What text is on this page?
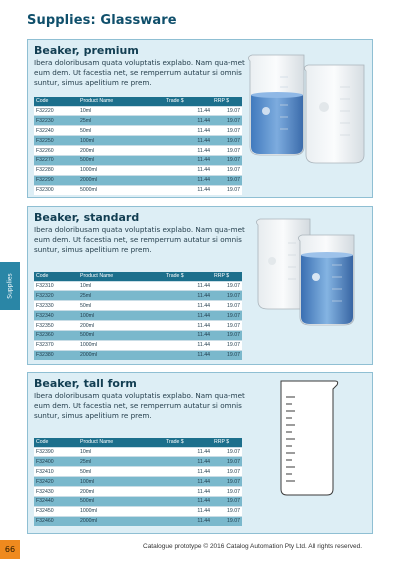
Supplies: Glassware
Supplies
Beaker, premium
Ibera doloribusam quata voluptatis explabo. Nam qua-met eum dem. Ut facestia net, se remperrum autatur si omnis suntur, simus apelitium re prem.
Code	Product Name	Trade $	RRP $
F32220	10ml	11.44	19.07
F32230	25ml	11.44	19.07
F32240	50ml	11.44	19.07
F32250	100ml	11.44	19.07
F32260	200ml	11.44	19.07
F32270	500ml	11.44	19.07
F32280	1000ml	11.44	19.07
F32290	2000ml	11.44	19.07
F32300	5000ml	11.44	19.07
Beaker, standard
Ibera doloribusam quata voluptatis explabo. Nam qua-met eum dem. Ut facestia net, se remperrum autatur si omnis suntur, simus apelitium re prem.
Code	Product Name	Trade $	RRP $
F32310	10ml	11.44	19.07
F32320	25ml	11.44	19.07
F32330	50ml	11.44	19.07
F32340	100ml	11.44	19.07
F32350	200ml	11.44	19.07
F32360	500ml	11.44	19.07
F32370	1000ml	11.44	19.07
F32380	2000ml	11.44	19.07
Beaker, tall form
Ibera doloribusam quata voluptatis explabo. Nam qua-met eum dem. Ut facestia net, se remperrum autatur si omnis suntur, simus apelitium re prem.
Code	Product Name	Trade $	RRP $
F32390	10ml	11.44	19.07
F32400	25ml	11.44	19.07
F32410	50ml	11.44	19.07
F32420	100ml	11.44	19.07
F32430	200ml	11.44	19.07
F32440	500ml	11.44	19.07
F32450	1000ml	11.44	19.07
F32460	2000ml	11.44	19.07
66	Catalogue prototype © 2016 Catalog Automation Pty Ltd. All rights reserved.
